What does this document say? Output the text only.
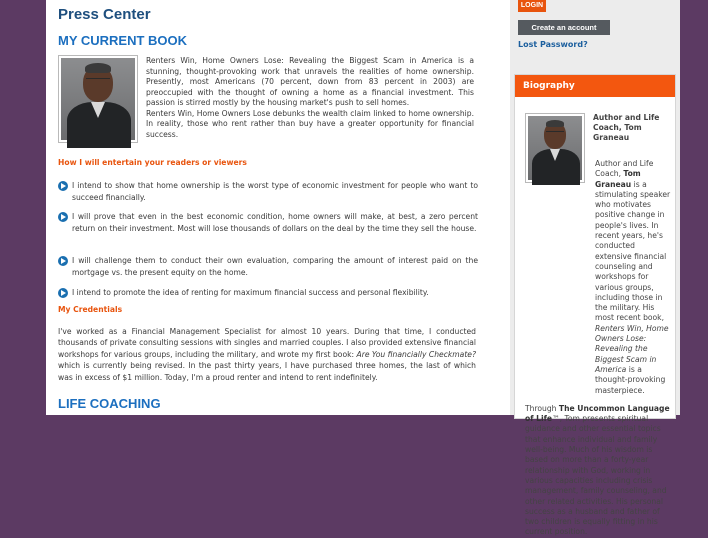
Press Center
MY CURRENT BOOK

Renters Win, Home Owners Lose: Revealing the Biggest Scam in America is a stunning, thought-provoking work that unravels the realities of home ownership. Presently, most Americans (70 percent, down from 83 percent in 2003) are preoccupied with the thought of owning a home as a financial investment. This passion is stirred mostly by the housing market's push to sell homes.

Renters Win, Home Owners Lose debunks the wealth claim linked to home ownership. In reality, those who rent rather than buy have a greater opportunity for financial success.

How I will entertain your readers or viewers
I intend to show that home ownership is the worst type of economic investment for people who want to succeed financially.
I will prove that even in the best economic condition, home owners will make, at best, a zero percent return on their investment. Most will lose thousands of dollars on the deal by the time they sell the house.
I will challenge them to conduct their own evaluation, comparing the amount of interest paid on the mortgage vs. the present equity on the home.
I intend to promote the idea of renting for maximum financial success and personal flexibility.
My Credentials

I've worked as a Financial Management Specialist for almost 10 years. During that time, I conducted thousands of private consulting sessions with singles and married couples. I also provided extensive financial workshops for various groups, including the military, and wrote my first book: Are You financially Checkmate? which is currently being revised. In the past thirty years, I have purchased three homes, the last of which was in excess of $1 million. Today, I'm a proud renter and intend to rent indefinitely.

LIFE COACHING
LOGIN
Create an account
Lost Password?
Biography
Author and Life Coach, Tom Graneau
Author and Life Coach, Tom Graneau is a stimulating speaker who motivates positive change in people's lives. In recent years, he's conducted extensive financial counseling and workshops for various groups, including those in the military. His most recent book, Renters Win, Home Owners Lose: Revealing the Biggest Scam in America is a thought-provoking masterpiece.
Through The Uncommon Language of Life™, Tom presents spiritual guidance and other essential topics that enhance individual and family well-being. Much of his wisdom is based on more than a forty-year relationship with God, working in various capacities including crisis management, family counseling, and other related activities. His personal success as a husband and father of two children is equally fitting in his current position.
